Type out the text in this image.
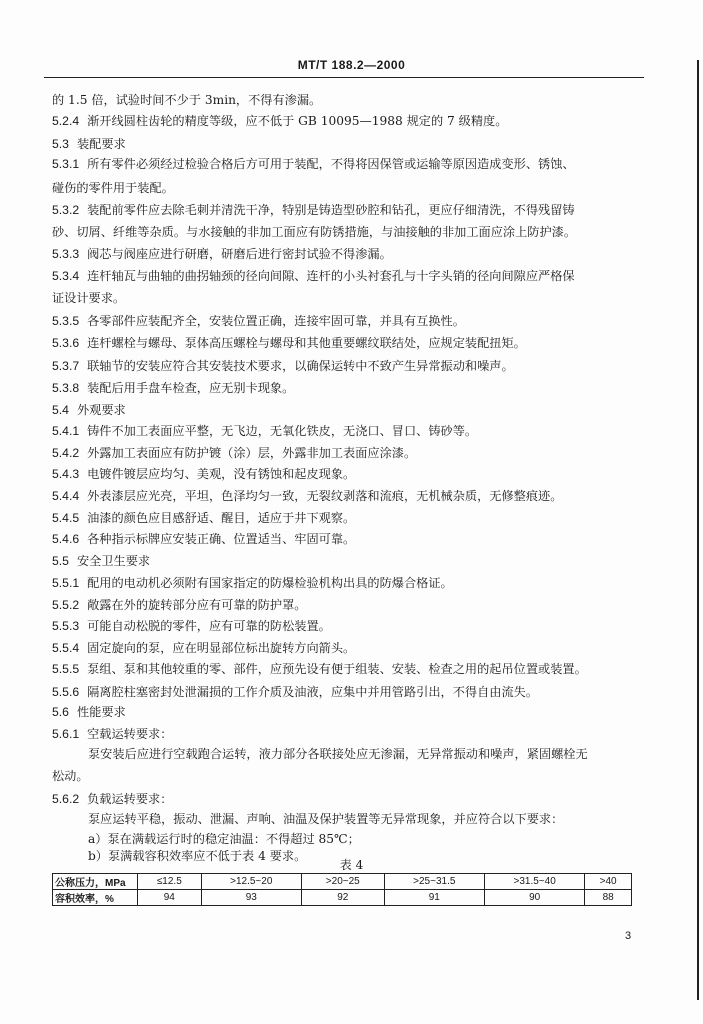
MT/T 188.2—2000
的 1.5 倍，试验时间不少于 3min，不得有渗漏。
5.2.4 渐开线圆柱齿轮的精度等级，应不低于 GB 10095—1988 规定的 7 级精度。
5.3 装配要求
5.3.1 所有零件必须经过检验合格后方可用于装配，不得将因保管或运输等原因造成变形、锈蚀、
碰伤的零件用于装配。
5.3.2 装配前零件应去除毛刺并清洗干净，特别是铸造型砂腔和钻孔，更应仔细清洗，不得残留铸
砂、切屑、纤维等杂质。与水接触的非加工面应有防锈措施，与油接触的非加工面应涂上防护漆。
5.3.3 阀芯与阀座应进行研磨，研磨后进行密封试验不得渗漏。
5.3.4 连杆轴瓦与曲轴的曲拐轴颈的径向间隙、连杆的小头衬套孔与十字头销的径向间隙应严格保
证设计要求。
5.3.5 各零部件应装配齐全，安装位置正确，连接牢固可靠，并具有互换性。
5.3.6 连杆螺栓与螺母、泵体高压螺栓与螺母和其他重要螺纹联结处，应规定装配扭矩。
5.3.7 联轴节的安装应符合其安装技术要求，以确保运转中不致产生异常振动和噪声。
5.3.8 装配后用手盘车检查，应无别卡现象。
5.4 外观要求
5.4.1 铸件不加工表面应平整，无飞边，无氧化铁皮，无浇口、冒口、铸砂等。
5.4.2 外露加工表面应有防护镀（涂）层，外露非加工表面应涂漆。
5.4.3 电镀件镀层应均匀、美观，没有锈蚀和起皮现象。
5.4.4 外表漆层应光亮，平坦，色泽均匀一致，无裂纹剥落和流痕，无机械杂质，无修整痕迹。
5.4.5 油漆的颜色应目感舒适、醒目，适应于井下观察。
5.4.6 各种指示标牌应安装正确、位置适当、牢固可靠。
5.5 安全卫生要求
5.5.1 配用的电动机必须附有国家指定的防爆检验机构出具的防爆合格证。
5.5.2 敞露在外的旋转部分应有可靠的防护罩。
5.5.3 可能自动松脱的零件，应有可靠的防松装置。
5.5.4 固定旋向的泵，应在明显部位标出旋转方向箭头。
5.5.5 泵组、泵和其他较重的零、部件，应预先设有便于组装、安装、检查之用的起吊位置或装置。
5.5.6 隔离腔柱塞密封处泄漏损的工作介质及油液，应集中并用管路引出，不得自由流失。
5.6 性能要求
5.6.1 空载运转要求：
泵安装后应进行空载跑合运转，液力部分各联接处应无渗漏，无异常振动和噪声，紧固螺栓无
松动。
5.6.2 负载运转要求：
泵应运转平稳，振动、泄漏、声响、油温及保护装置等无异常现象，并应符合以下要求：
a）泵在满载运行时的稳定油温：不得超过 85℃；
b）泵满载容积效率应不低于表 4 要求。
表 4
公称压力，MPa	≤12.5	>12.5~20	>20~25	>25~31.5	>31.5~40	>40
容积效率，%	94	93	92	91	90	88
3
